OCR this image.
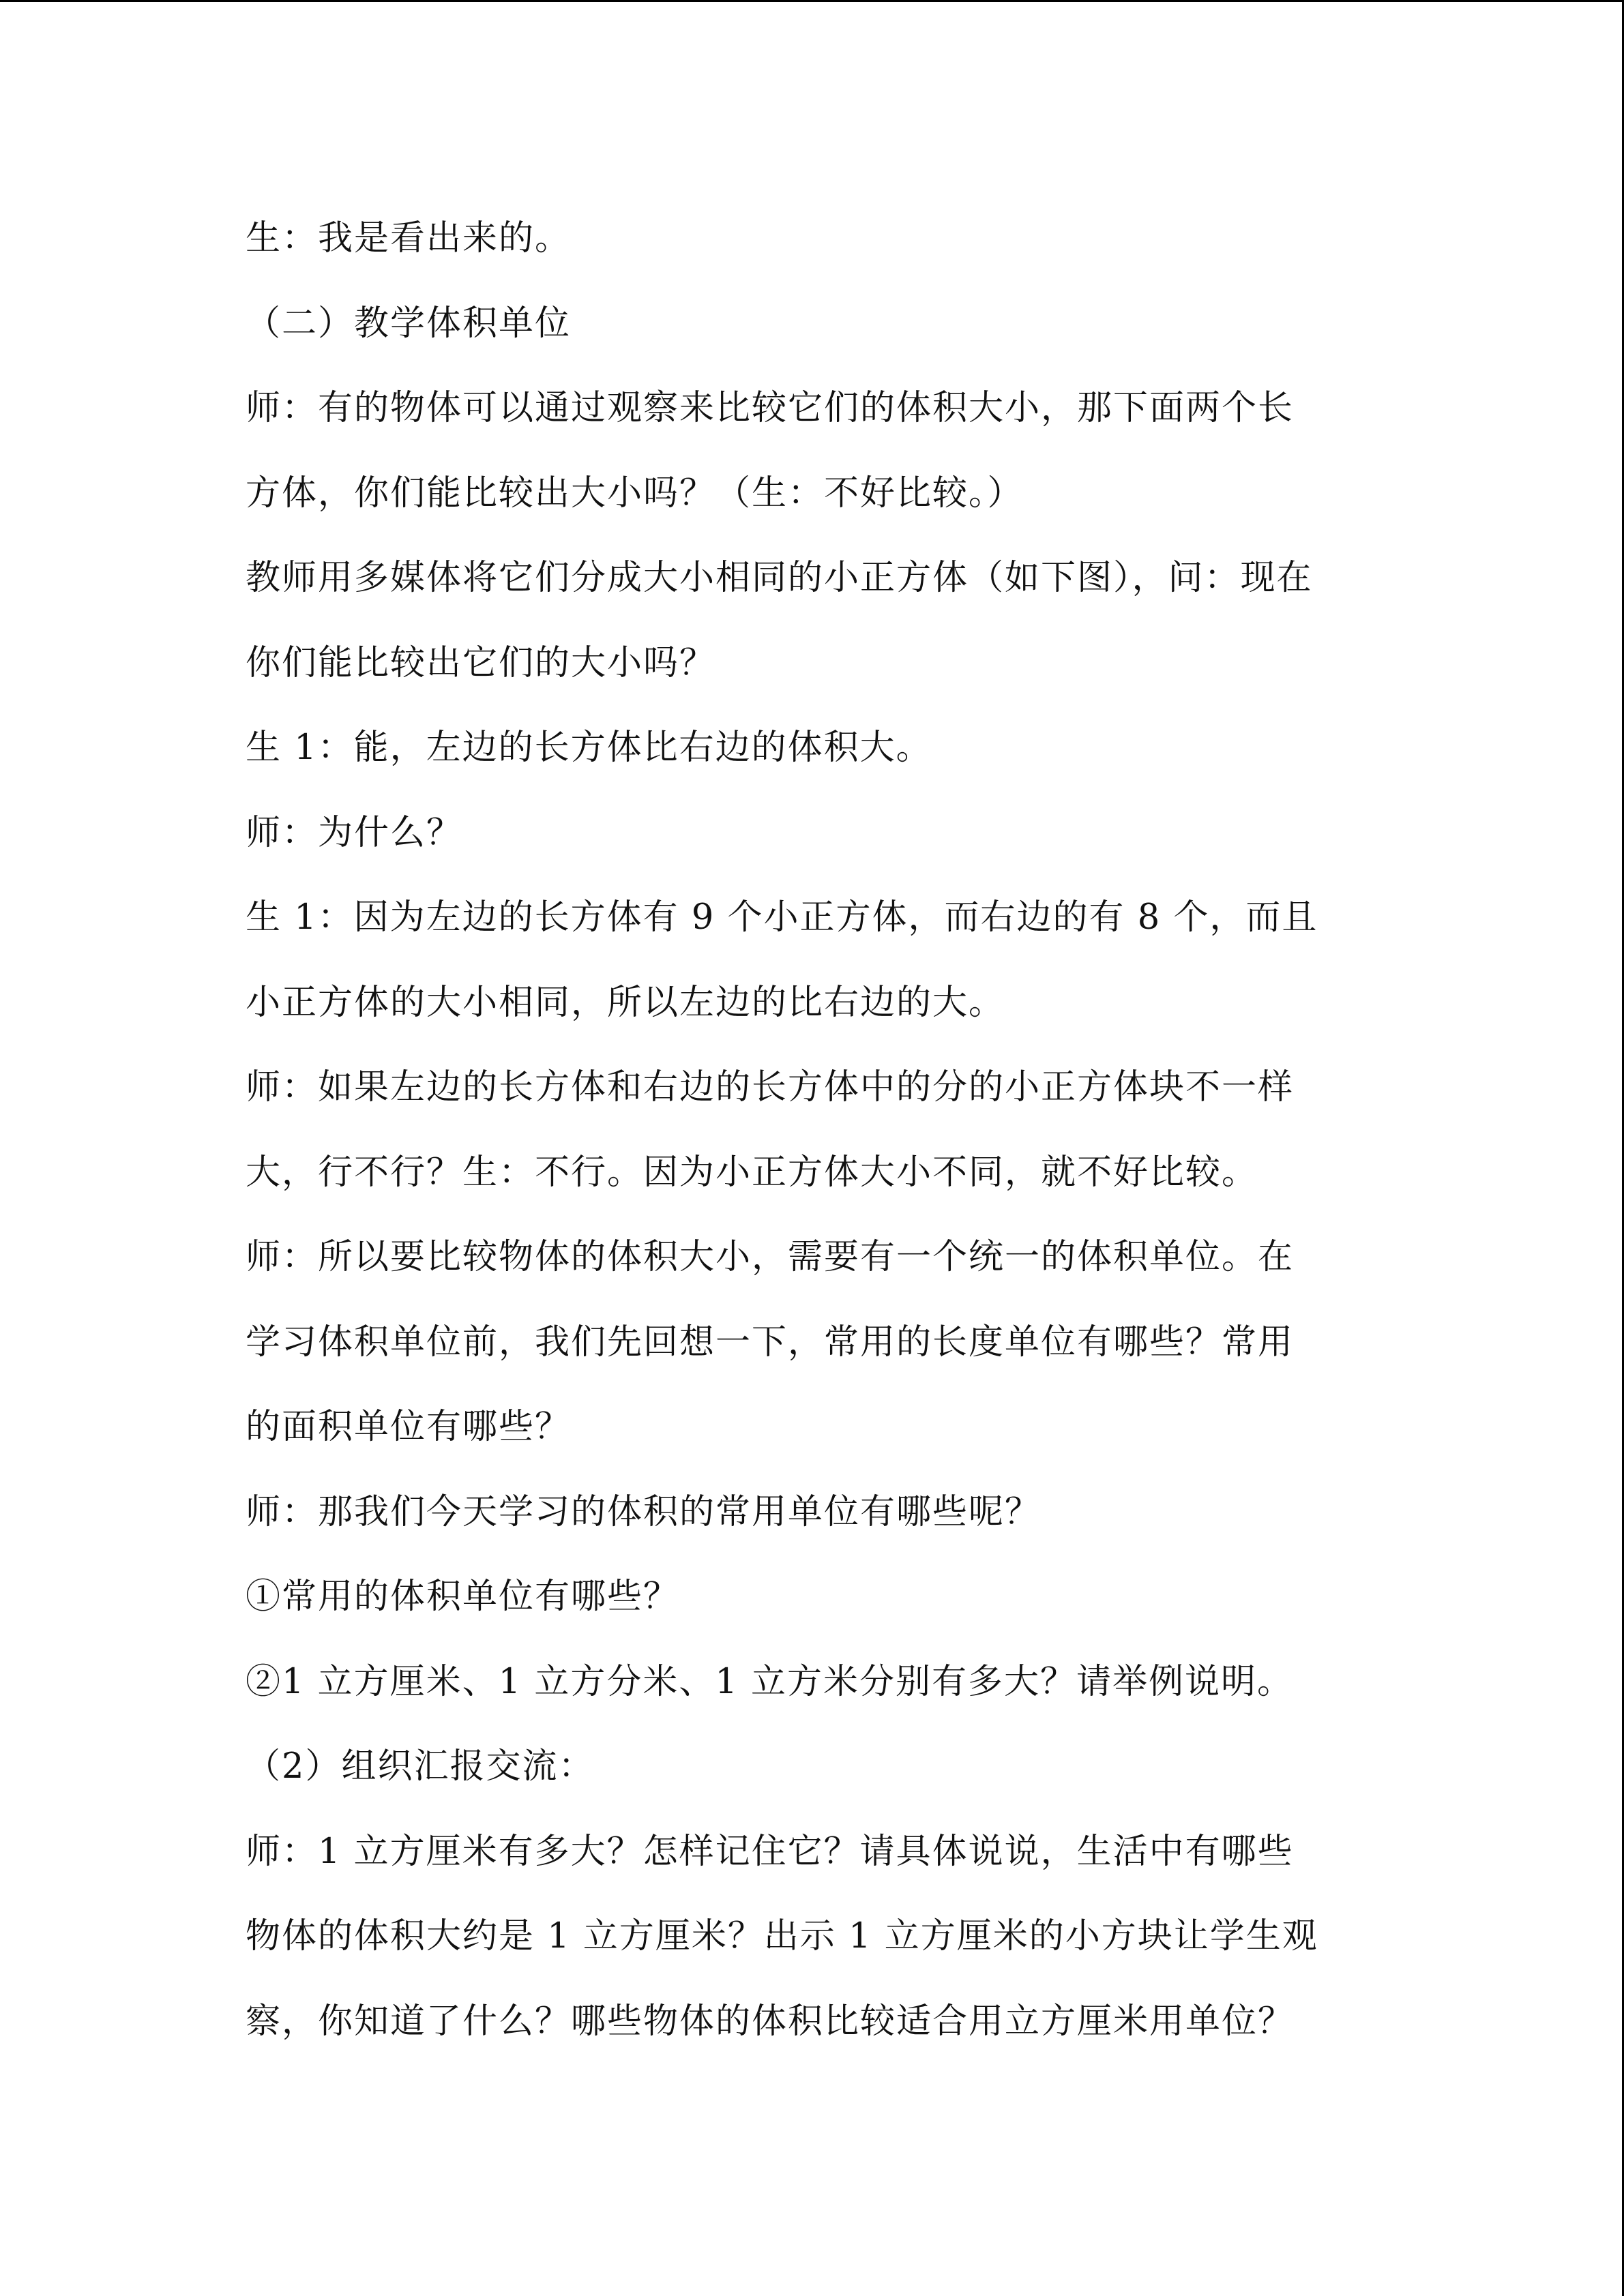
生：我是看出来的。
（二）教学体积单位
师：有的物体可以通过观察来比较它们的体积大小，那下面两个长
方体，你们能比较出大小吗？（生：不好比较。）
教师用多媒体将它们分成大小相同的小正方体（如下图），问：现在
你们能比较出它们的大小吗？
生 1：能，左边的长方体比右边的体积大。
师：为什么？
生 1：因为左边的长方体有 9 个小正方体，而右边的有 8 个，而且
小正方体的大小相同，所以左边的比右边的大。
师：如果左边的长方体和右边的长方体中的分的小正方体块不一样
大，行不行？生：不行。因为小正方体大小不同，就不好比较。
师：所以要比较物体的体积大小，需要有一个统一的体积单位。在
学习体积单位前，我们先回想一下，常用的长度单位有哪些？常用
的面积单位有哪些？
师：那我们今天学习的体积的常用单位有哪些呢？
①常用的体积单位有哪些？
②1 立方厘米、1 立方分米、1 立方米分别有多大？请举例说明。
（2）组织汇报交流：
师：1 立方厘米有多大？怎样记住它？请具体说说，生活中有哪些
物体的体积大约是 1 立方厘米？出示 1 立方厘米的小方块让学生观
察，你知道了什么？哪些物体的体积比较适合用立方厘米用单位？
